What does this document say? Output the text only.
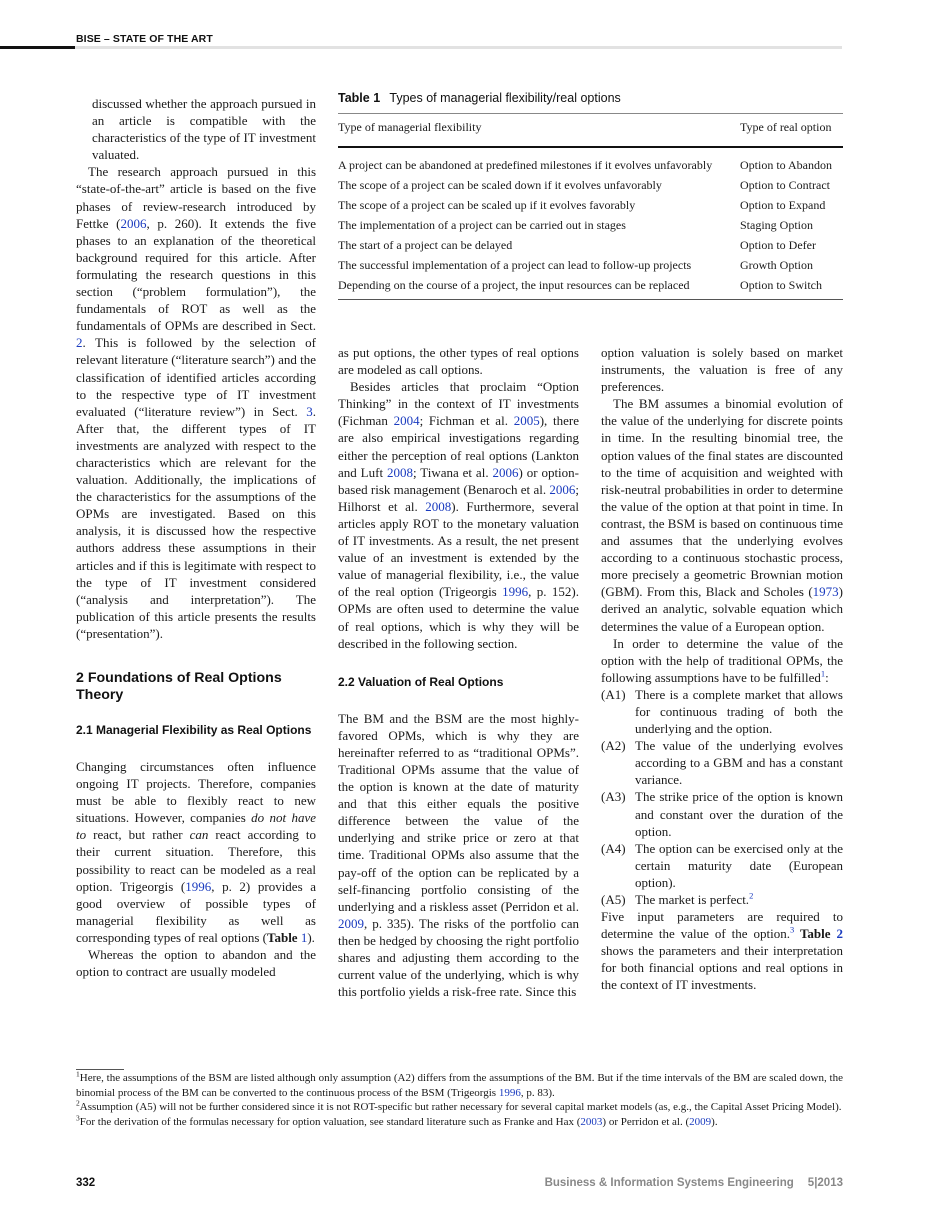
BISE – STATE OF THE ART
Table 1 Types of managerial flexibility/real options
Type of managerial flexibility	Type of real option
A project can be abandoned at predefined milestones if it evolves unfavorably	Option to Abandon
The scope of a project can be scaled down if it evolves unfavorably	Option to Contract
The scope of a project can be scaled up if it evolves favorably	Option to Expand
The implementation of a project can be carried out in stages	Staging Option
The start of a project can be delayed	Option to Defer
The successful implementation of a project can lead to follow-up projects	Growth Option
Depending on the course of a project, the input resources can be replaced	Option to Switch

discussed whether the approach pursued in an article is compatible with the characteristics of the type of IT investment valuated.

The research approach pursued in this “state-of-the-art” article is based on the five phases of review-research introduced by Fettke (2006, p. 260). It extends the five phases to an explanation of the theoretical background required for this article. After formulating the research questions in this section (“problem formulation”), the fundamentals of ROT as well as the fundamentals of OPMs are described in Sect. 2. This is followed by the selection of relevant literature (“literature search”) and the classification of identified articles according to the respective type of IT investment evaluated (“literature review”) in Sect. 3. After that, the different types of IT investments are analyzed with respect to the characteristics which are relevant for the valuation. Additionally, the implications of the characteristics for the assumptions of the OPMs are investigated. Based on this analysis, it is discussed how the respective authors address these assumptions in their articles and if this is legitimate with respect to the type of IT investment considered (“analysis and interpretation”). The publication of this article presents the results (“presentation”).

2 Foundations of Real Options Theory
2.1 Managerial Flexibility as Real Options

Changing circumstances often influence ongoing IT projects. Therefore, companies must be able to flexibly react to new situations. However, companies do not have to react, but rather can react according to their current situation. Therefore, this possibility to react can be modeled as a real option. Trigeorgis (1996, p. 2) provides a good overview of possible types of managerial flexibility as well as corresponding types of real options (Table 1).

Whereas the option to abandon and the option to contract are usually modeled

as put options, the other types of real options are modeled as call options.

Besides articles that proclaim “Option Thinking” in the context of IT investments (Fichman 2004; Fichman et al. 2005), there are also empirical investigations regarding either the perception of real options (Lankton and Luft 2008; Tiwana et al. 2006) or option-based risk management (Benaroch et al. 2006; Hilhorst et al. 2008). Furthermore, several articles apply ROT to the monetary valuation of IT investments. As a result, the net present value of an investment is extended by the value of managerial flexibility, i.e., the value of the real option (Trigeorgis 1996, p. 152). OPMs are often used to determine the value of real options, which is why they will be described in the following section.

2.2 Valuation of Real Options

The BM and the BSM are the most highly-favored OPMs, which is why they are hereinafter referred to as “traditional OPMs”. Traditional OPMs assume that the value of the option is known at the date of maturity and that this either equals the positive difference between the value of the underlying and strike price or zero at that time. Traditional OPMs also assume that the pay-off of the option can be replicated by a self-financing portfolio consisting of the underlying and a riskless asset (Perridon et al. 2009, p. 335). The risks of the portfolio can then be hedged by choosing the right portfolio shares and adjusting them according to the current value of the underlying, which is why this portfolio yields a risk-free rate. Since this

option valuation is solely based on market instruments, the valuation is free of any preferences.

The BM assumes a binomial evolution of the value of the underlying for discrete points in time. In the resulting binomial tree, the option values of the final states are discounted to the time of acquisition and weighted with risk-neutral probabilities in order to determine the value of the option at that point in time. In contrast, the BSM is based on continuous time and assumes that the underlying evolves according to a continuous stochastic process, more precisely a geometric Brownian motion (GBM). From this, Black and Scholes (1973) derived an analytic, solvable equation which determines the value of a European option.

In order to determine the value of the option with the help of traditional OPMs, the following assumptions have to be fulfilled$^1$:

(A1) There is a complete market that allows for continuous trading of both the underlying and the option.
(A2) The value of the underlying evolves according to a GBM and has a constant variance.
(A3) The strike price of the option is known and constant over the duration of the option.
(A4) The option can be exercised only at the certain maturity date (European option).
(A5) The market is perfect.$^2$

Five input parameters are required to determine the value of the option.$^3$ Table 2 shows the parameters and their interpretation for both financial options and real options in the context of IT investments.

$^1$Here, the assumptions of the BSM are listed although only assumption (A2) differs from the assumptions of the BM. But if the time intervals of the BM are scaled down, the binomial process of the BM can be converted to the continuous process of the BSM (Trigeorgis 1996, p. 83).

$^2$Assumption (A5) will not be further considered since it is not ROT-specific but rather necessary for several capital market models (as, e.g., the Capital Asset Pricing Model).

$^3$For the derivation of the formulas necessary for option valuation, see standard literature such as Franke and Hax (2003) or Perridon et al. (2009).

332	Business & Information Systems Engineering 5|2013
